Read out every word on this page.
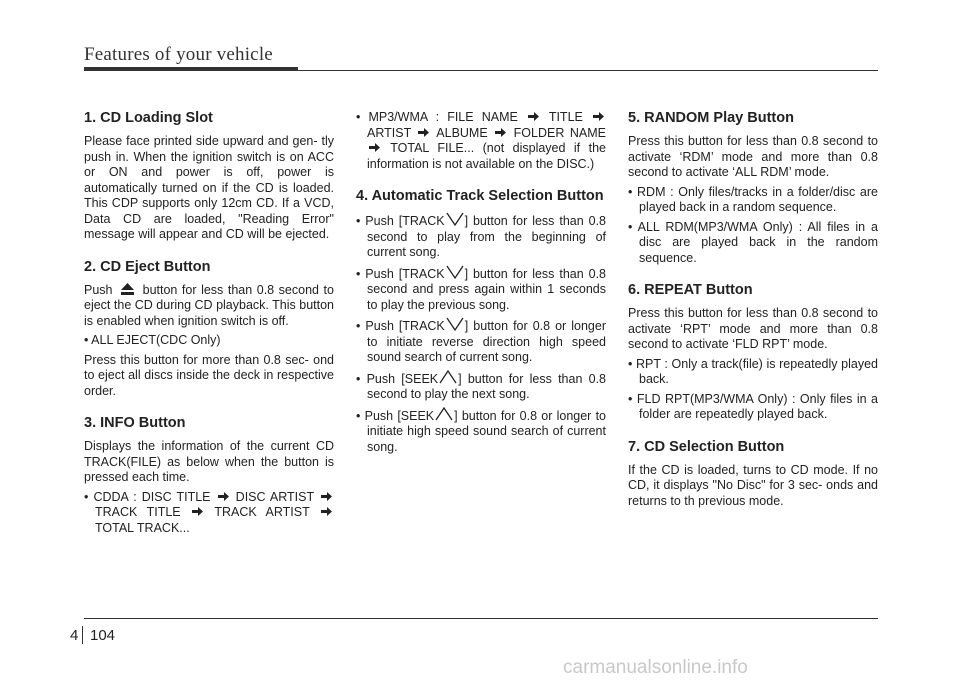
Features of your vehicle
1. CD Loading Slot
Please face printed side upward and gen- tly push in. When the ignition switch is on ACC or ON and power is off, power is automatically turned on if the CD is loaded. This CDP supports only 12cm CD. If a VCD, Data CD are loaded, "Reading Error" message will appear and CD will be ejected.
2. CD Eject Button
Push button for less than 0.8 second to eject the CD during CD playback. This button is enabled when ignition switch is off.
• ALL EJECT(CDC Only)
Press this button for more than 0.8 sec- ond to eject all discs inside the deck in respective order.
3. INFO Button
Displays the information of the current CD TRACK(FILE) as below when the button is pressed each time.
• CDDA : DISC TITLE DISC ARTIST  TRACK TITLE	TRACK ARTIST  TOTAL TRACK...
• MP3/WMA : FILE NAME TITLE  ARTIST ALBUME FOLDER NAME  TOTAL FILE... (not displayed if the information is not available on the DISC.)
4. Automatic Track Selection Button
• Push [TRACK ] button for less than 0.8 second to play from the beginning of current song.
• Push [TRACK ] button for less than 0.8 second and press again within 1 seconds to play the previous song.
• Push [TRACK ] button for 0.8 or longer to initiate reverse direction high speed sound search of current song.
• Push [SEEK ] button for less than 0.8 second to play the next song.
• Push [SEEK ] button for 0.8 or longer to initiate high speed sound search of current song.
5. RANDOM Play Button
Press this button for less than 0.8 second to activate ‘RDM’ mode and more than 0.8 second to activate ‘ALL RDM’ mode.
• RDM : Only files/tracks in a folder/disc are played back in a random sequence.
• ALL RDM(MP3/WMA Only) : All files in a disc are played back in the random sequence.
6. REPEAT Button
Press this button for less than 0.8 second to activate ‘RPT’ mode and more than 0.8 second to activate ‘FLD RPT’ mode.
• RPT : Only a track(file) is repeatedly played back.
• FLD RPT(MP3/WMA Only) : Only files in a folder are repeatedly played back.
7. CD Selection Button
If the CD is loaded, turns to CD mode. If no CD, it displays "No Disc" for 3 sec- onds and returns to th previous mode.
4 104
carmanualsonline.info
